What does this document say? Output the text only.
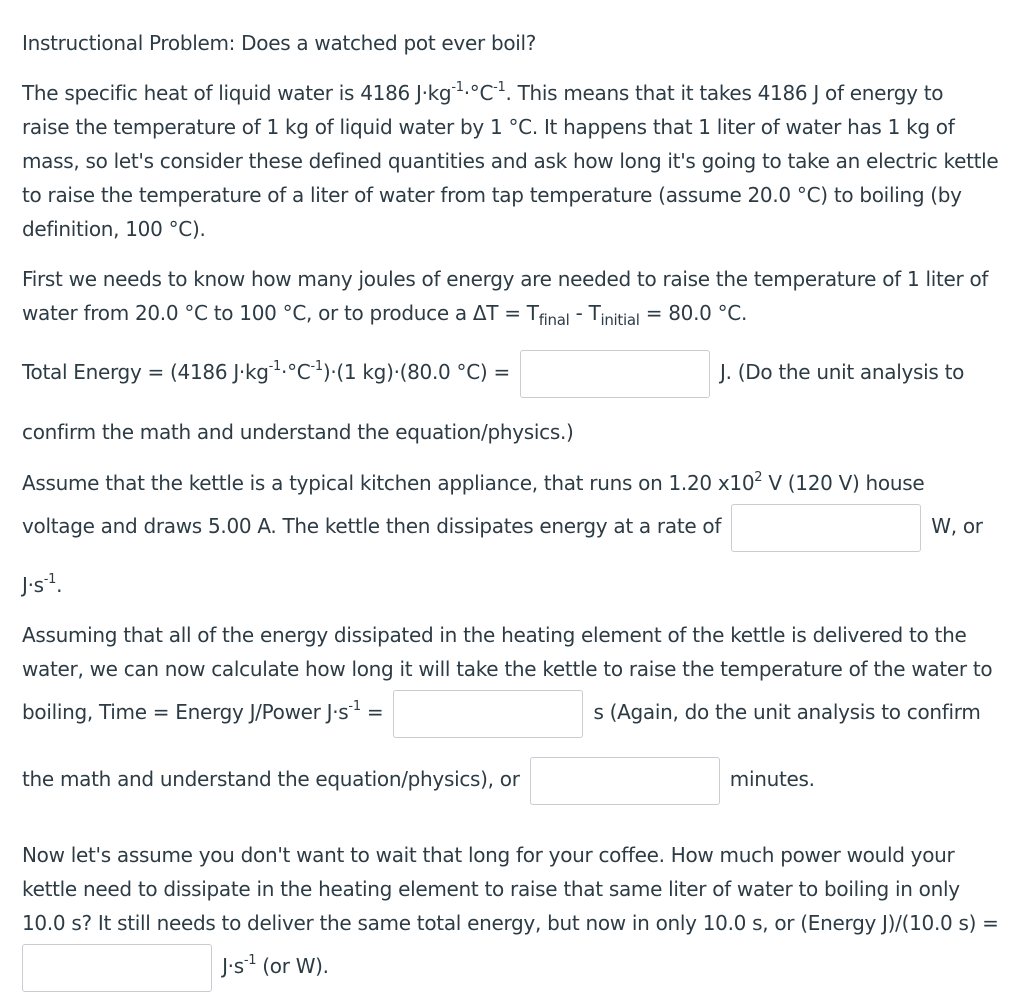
Instructional Problem: Does a watched pot ever boil?
The specific heat of liquid water is 4186 $J\cdot kg^{-1}\cdot^\circ C^{-1}$. This means that it takes 4186 J of energy to
raise the temperature of 1 kg of liquid water by 1 °C. It happens that 1 liter of water has 1 kg of
mass, so let's consider these defined quantities and ask how long it's going to take an electric kettle
to raise the temperature of a liter of water from tap temperature (assume 20.0 °C) to boiling (by
definition, 100 °C).
First we needs to know how many joules of energy are needed to raise the temperature of 1 liter of
water from 20.0 °C to 100 °C, or to produce a $\Delta T = T_{final} - T_{initial} = 80.0$ °C.
Total Energy = (4186 $J\cdot kg^{-1}\cdot^\circ C^{-1})\cdot(1$ kg)·(80.0 °C) =	J. (Do the unit analysis to
confirm the math and understand the equation/physics.)
Assume that the kettle is a typical kitchen appliance, that runs on 1.20 $x10^2$ V (120 V) house
voltage and draws 5.00 A. The kettle then dissipates energy at a rate of	W, or
$J\cdot s^{-1}$.
Assuming that all of the energy dissipated in the heating element of the kettle is delivered to the
water, we can now calculate how long it will take the kettle to raise the temperature of the water to
boiling, Time = Energy J/Power $J\cdot s^{-1}$ =	s (Again, do the unit analysis to confirm
the math and understand the equation/physics), or	minutes.
Now let's assume you don't want to wait that long for your coffee. How much power would your
kettle need to dissipate in the heating element to raise that same liter of water to boiling in only
10.0 s? It still needs to deliver the same total energy, but now in only 10.0 s, or (Energy J)/(10.0 s) =
$J\cdot s^{-1}$ (or W).
